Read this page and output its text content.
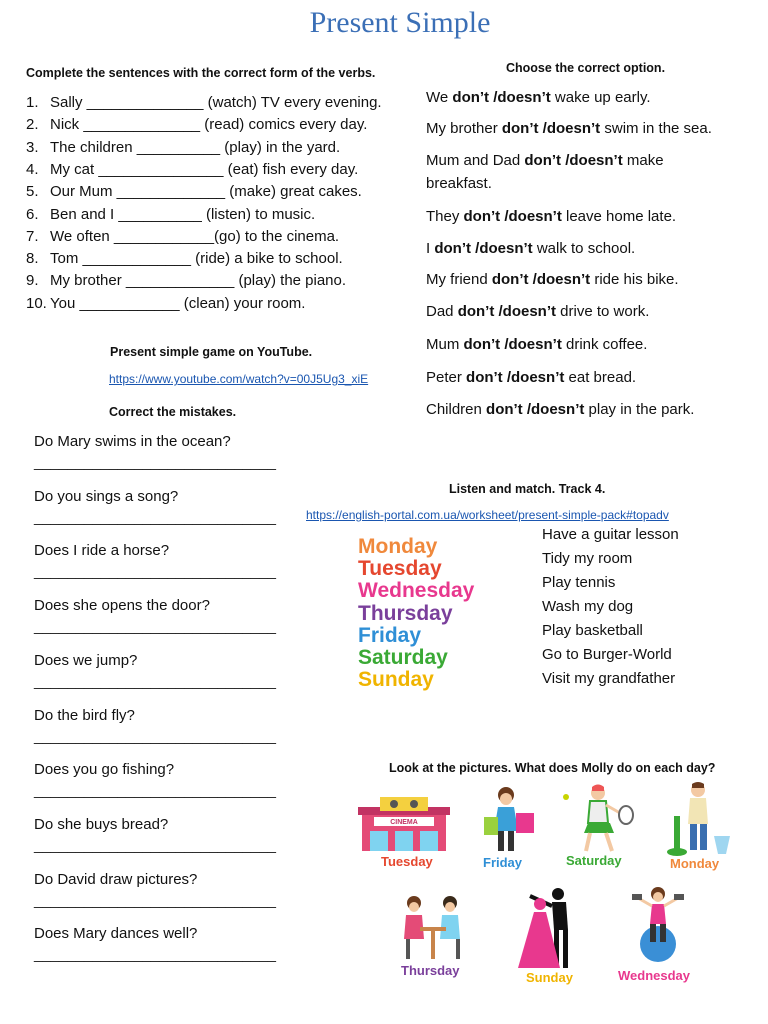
Present Simple
Complete the sentences with the correct form of the verbs.
1. Sally ______________ (watch) TV every evening.
2. Nick ______________ (read) comics every day.
3. The children __________ (play) in the yard.
4. My cat _______________ (eat) fish every day.
5. Our Mum _____________ (make) great cakes.
6. Ben and I __________ (listen) to music.
7. We often ____________(go) to the cinema.
8. Tom _____________ (ride) a bike to school.
9. My brother _____________ (play) the piano.
10. You ____________ (clean) your room.
Present simple game on YouTube.
https://www.youtube.com/watch?v=00J5Ug3_xiE
Choose the correct option.
We don’t /doesn’t wake up early.
My brother don’t /doesn’t swim in the sea.
Mum and Dad don’t /doesn’t make
They don’t /doesn’t leave home late.
I don’t /doesn’t walk to school.
My friend don’t /doesn’t ride his bike.
Dad don’t /doesn’t drive to work.
Mum don’t /doesn’t drink coffee.
Peter don’t /doesn’t eat bread.
Children don’t /doesn’t play in the park.
breakfast.
Correct the mistakes.
Do Mary swims in the ocean?
_____________________________
Do you sings a song?
_____________________________
Does I ride a horse?
_____________________________
Does she opens the door?
_____________________________
Does we jump?
_____________________________
Do the bird fly?
_____________________________
Does you go fishing?
_____________________________
Do she buys bread?
_____________________________
Do David draw pictures?
_____________________________
Does Mary dances well?
_____________________________
Listen and match. Track 4.
https://english-portal.com.ua/worksheet/present-simple-pack#topadv
Monday
Tuesday
Wednesday
Thursday
Friday
Saturday
Sunday
Have a guitar lesson
Tidy my room
Play tennis
Wash my dog
Play basketball
Go to Burger-World
Visit my grandfather
Look at the pictures. What does Molly do on each day?
CINEMA
Tuesday	Friday	Saturday	Monday
Thursday	Sunday	Wednesday
